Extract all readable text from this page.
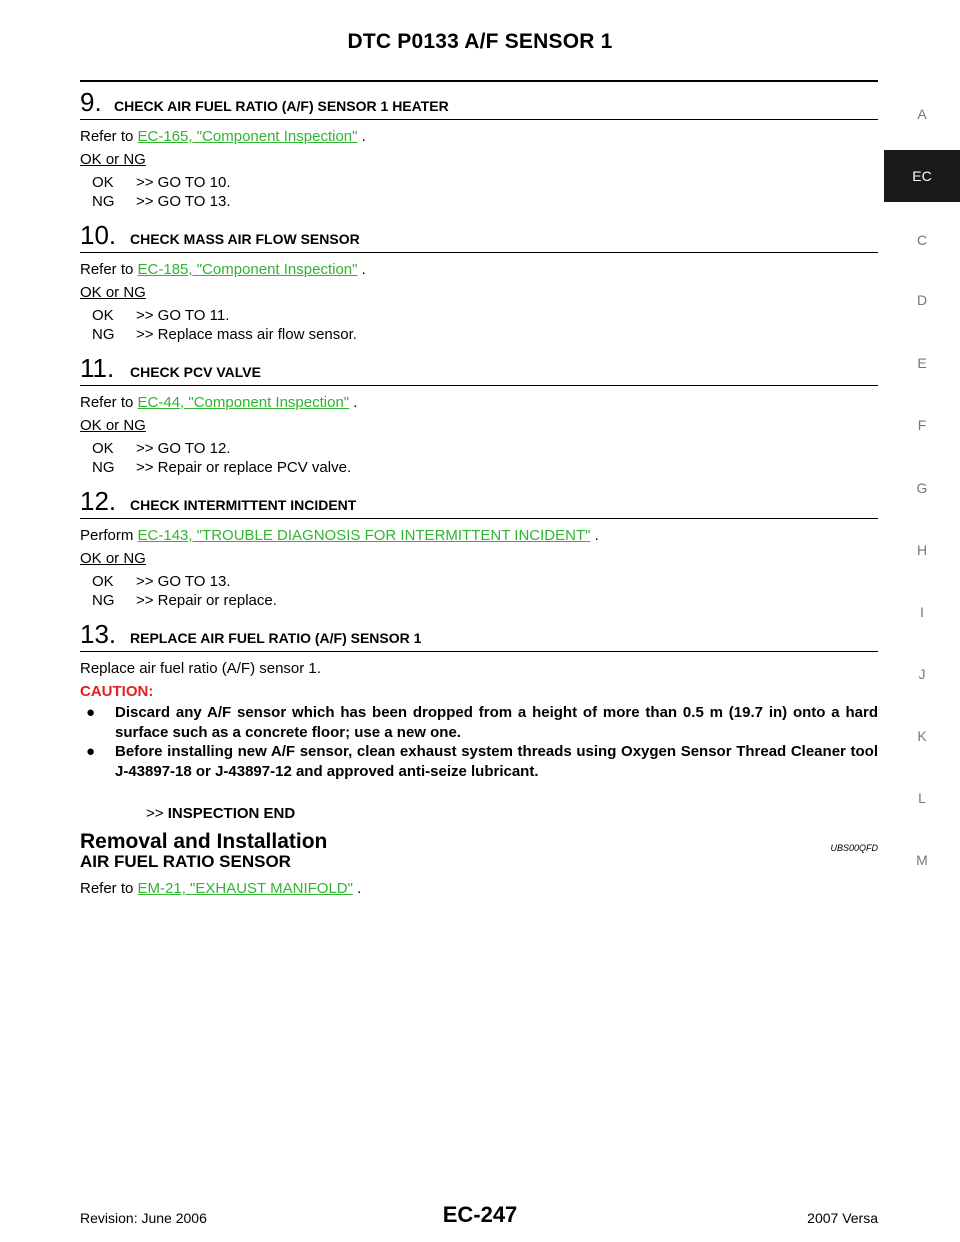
DTC P0133 A/F SENSOR 1
A
EC
C
D
E
F
G
H
I
J
K
L
M
9. CHECK AIR FUEL RATIO (A/F) SENSOR 1 HEATER
Refer to EC-165, "Component Inspection" .
OK or NG
OK >> GO TO 10.
NG >> GO TO 13.
10. CHECK MASS AIR FLOW SENSOR
Refer to EC-185, "Component Inspection" .
OK or NG
OK >> GO TO 11.
NG >> Replace mass air flow sensor.
11. CHECK PCV VALVE
Refer to EC-44, "Component Inspection" .
OK or NG
OK >> GO TO 12.
NG >> Repair or replace PCV valve.
12. CHECK INTERMITTENT INCIDENT
Perform EC-143, "TROUBLE DIAGNOSIS FOR INTERMITTENT INCIDENT" .
OK or NG
OK >> GO TO 13.
NG >> Repair or replace.
13. REPLACE AIR FUEL RATIO (A/F) SENSOR 1
Replace air fuel ratio (A/F) sensor 1.
CAUTION:
● Discard any A/F sensor which has been dropped from a height of more than 0.5 m (19.7 in) onto a hard surface such as a concrete floor; use a new one.
● Before installing new A/F sensor, clean exhaust system threads using Oxygen Sensor Thread Cleaner tool J-43897-18 or J-43897-12 and approved anti-seize lubricant.
>> INSPECTION END
Removal and Installation	UBS00QFD
AIR FUEL RATIO SENSOR
Refer to EM-21, "EXHAUST MANIFOLD" .
Revision: June 2006	EC-247	2007 Versa
